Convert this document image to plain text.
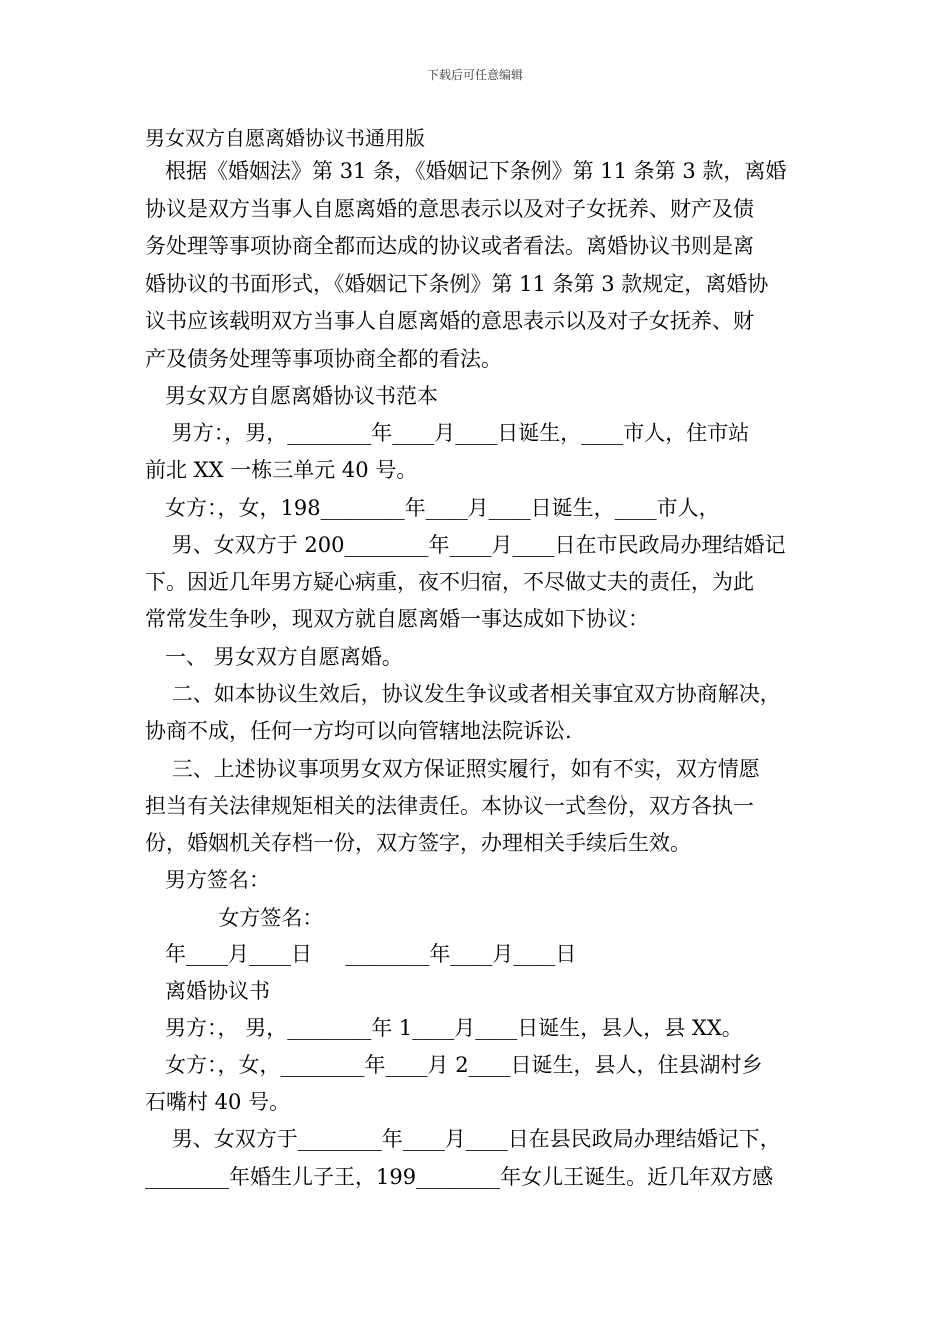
下载后可任意编辑
男女双方自愿离婚协议书通用版
根据《婚姻法》第 31 条，《婚姻记下条例》第 11 条第 3 款，离婚
协议是双方当事人自愿离婚的意思表示以及对子女抚养、财产及债
务处理等事项协商全都而达成的协议或者看法。离婚协议书则是离
婚协议的书面形式，《婚姻记下条例》第 11 条第 3 款规定，离婚协
议书应该载明双方当事人自愿离婚的意思表示以及对子女抚养、财
产及债务处理等事项协商全都的看法。
男女双方自愿离婚协议书范本
男方：，男，________年____月____日诞生，____市人，住市站
前北 XX 一栋三单元 40 号。
女方：，女，198________年____月____日诞生，____市人，
男、女双方于 200________年____月____日在市民政局办理结婚记
下。因近几年男方疑心病重，夜不归宿，不尽做丈夫的责任，为此
常常发生争吵，现双方就自愿离婚一事达成如下协议：
一、 男女双方自愿离婚。
二、如本协议生效后，协议发生争议或者相关事宜双方协商解决，
协商不成，任何一方均可以向管辖地法院诉讼.
三、上述协议事项男女双方保证照实履行，如有不实，双方情愿
担当有关法律规矩相关的法律责任。本协议一式叁份，双方各执一
份，婚姻机关存档一份，双方签字，办理相关手续后生效。
男方签名：
女方签名：
年____月____日     ________年____月____日
离婚协议书
男方：， 男，________年 1____月____日诞生，县人，县 XX。
女方：，女，________年____月 2____日诞生，县人，住县湖村乡
石嘴村 40 号。
男、女双方于________年____月____日在县民政局办理结婚记下，
________年婚生儿子王，199________年女儿王诞生。近几年双方感
